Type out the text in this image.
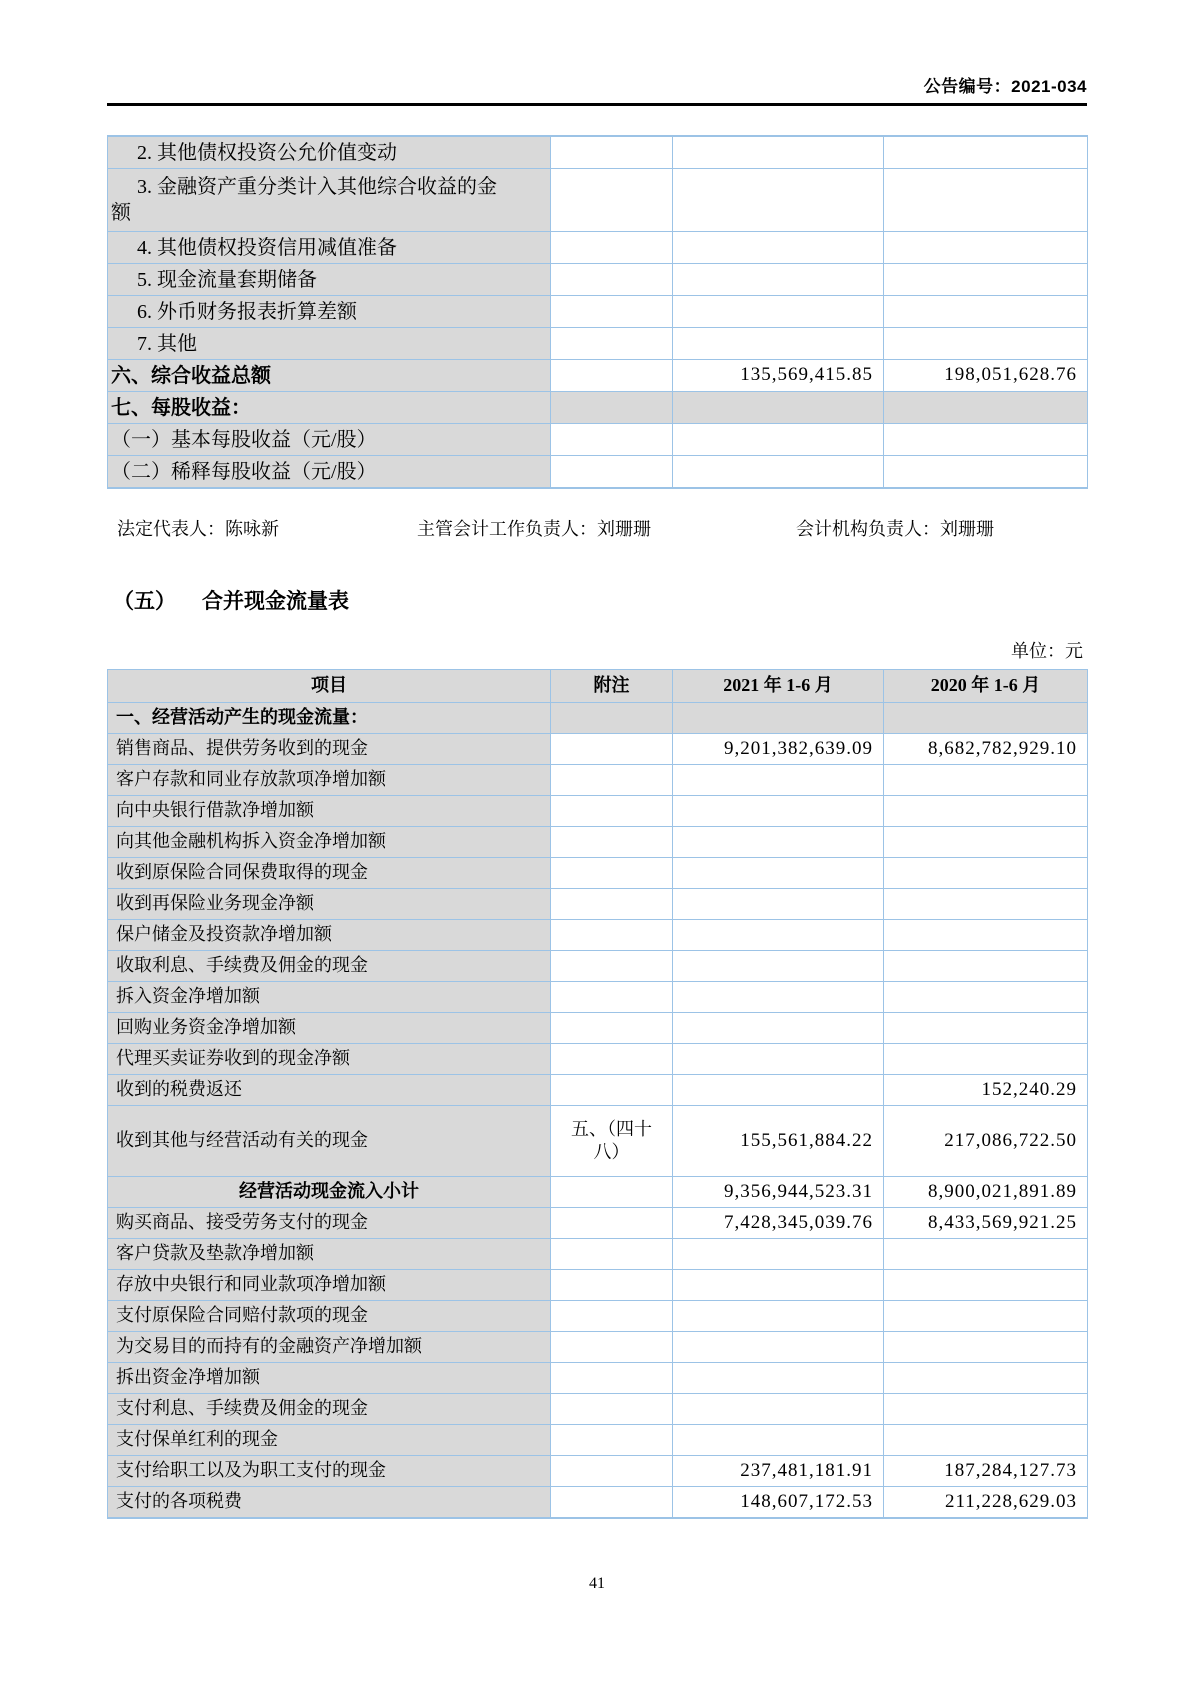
公告编号：2021-034
2. 其他债权投资公允价值变动			
3. 金融资产重分类计入其他综合收益的金额			
4. 其他债权投资信用减值准备			
5. 现金流量套期储备			
6. 外币财务报表折算差额			
7. 其他			
六、综合收益总额		135,569,415.85	198,051,628.76
七、每股收益：			
（一）基本每股收益（元/股）			
（二）稀释每股收益（元/股）			
法定代表人：陈咏新	主管会计工作负责人：刘珊珊	会计机构负责人：刘珊珊
（五） 合并现金流量表
单位：元
项目	附注	2021 年 1-6 月	2020 年 1-6 月
一、经营活动产生的现金流量：			
销售商品、提供劳务收到的现金		9,201,382,639.09	8,682,782,929.10
客户存款和同业存放款项净增加额			
向中央银行借款净增加额			
向其他金融机构拆入资金净增加额			
收到原保险合同保费取得的现金			
收到再保险业务现金净额			
保户储金及投资款净增加额			
收取利息、手续费及佣金的现金			
拆入资金净增加额			
回购业务资金净增加额			
代理买卖证券收到的现金净额			
收到的税费返还			152,240.29
收到其他与经营活动有关的现金	五、（四十八）	155,561,884.22	217,086,722.50
经营活动现金流入小计		9,356,944,523.31	8,900,021,891.89
购买商品、接受劳务支付的现金		7,428,345,039.76	8,433,569,921.25
客户贷款及垫款净增加额			
存放中央银行和同业款项净增加额			
支付原保险合同赔付款项的现金			
为交易目的而持有的金融资产净增加额			
拆出资金净增加额			
支付利息、手续费及佣金的现金			
支付保单红利的现金			
支付给职工以及为职工支付的现金		237,481,181.91	187,284,127.73
支付的各项税费		148,607,172.53	211,228,629.03
41
